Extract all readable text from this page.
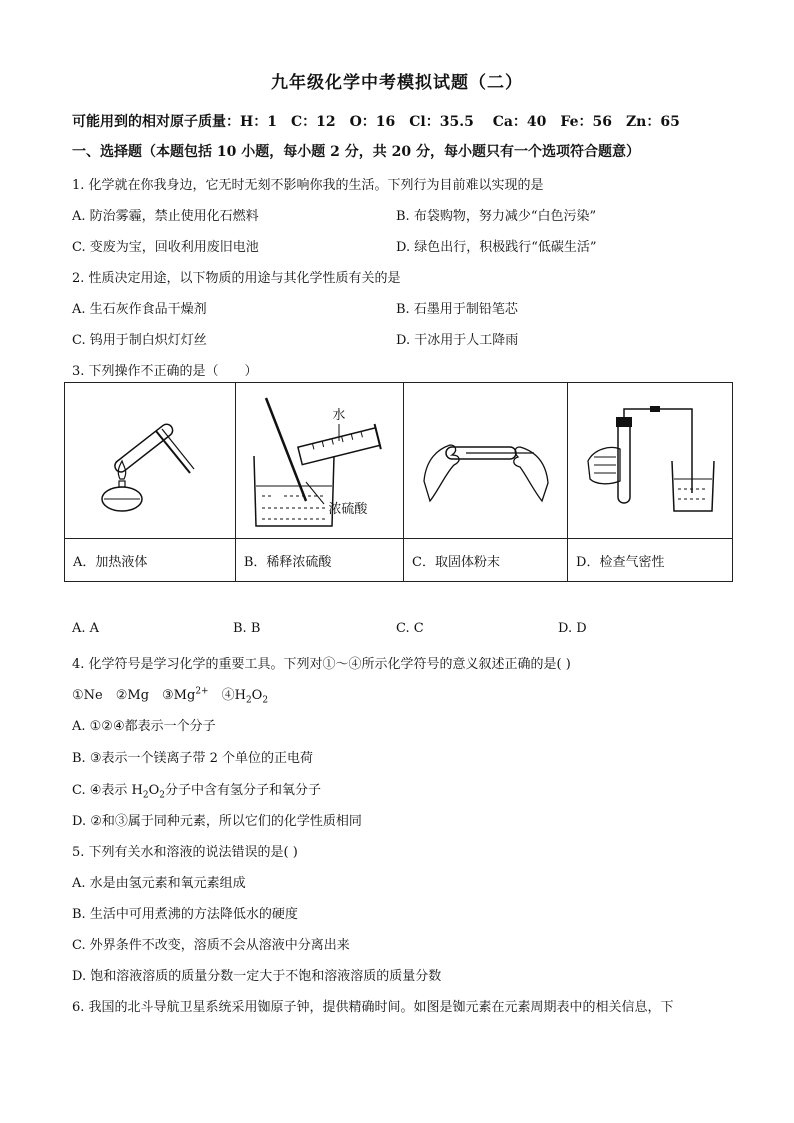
九年级化学中考模拟试题（二）
可能用到的相对原子质量：H：1　C：12　O：16　Cl：35.5　 Ca：40　Fe：56　Zn：65
一、选择题（本题包括 10 小题，每小题 2 分，共 20 分，每小题只有一个选项符合题意）
1. 化学就在你我身边，它无时无刻不影响你我的生活。下列行为目前难以实现的是
A. 防治雾霾，禁止使用化石燃料	B. 布袋购物，努力减少“白色污染”
C. 变废为宝，回收利用废旧电池	D. 绿色出行，积极践行“低碳生活”
2. 性质决定用途，以下物质的用途与其化学性质有关的是
A. 生石灰作食品干燥剂	B. 石墨用于制铅笔芯
C. 钨用于制白炽灯灯丝	D. 干冰用于人工降雨
3. 下列操作不正确的是（　　）

水
浓硫酸

A．加热液体	B．稀释浓硫酸	C．取固体粉末	D．检查气密性
A. A	B. B	C. C	D. D
4. 化学符号是学习化学的重要工具。下列对①～④所示化学符号的意义叙述正确的是( )
①Ne　②Mg　$③Mg^{2+}$　$④H_2O_2$
A. ①②④都表示一个分子
B. ③表示一个镁离子带 2 个单位的正电荷
C. ④表示 $H_2O_2$分子中含有氢分子和氧分子
D. ②和③属于同种元素，所以它们的化学性质相同
5. 下列有关水和溶液的说法错误的是( )
A. 水是由氢元素和氧元素组成
B. 生活中可用煮沸的方法降低水的硬度
C. 外界条件不改变，溶质不会从溶液中分离出来
D. 饱和溶液溶质的质量分数一定大于不饱和溶液溶质的质量分数
6. 我国的北斗导航卫星系统采用铷原子钟，提供精确时间。如图是铷元素在元素周期表中的相关信息，下
